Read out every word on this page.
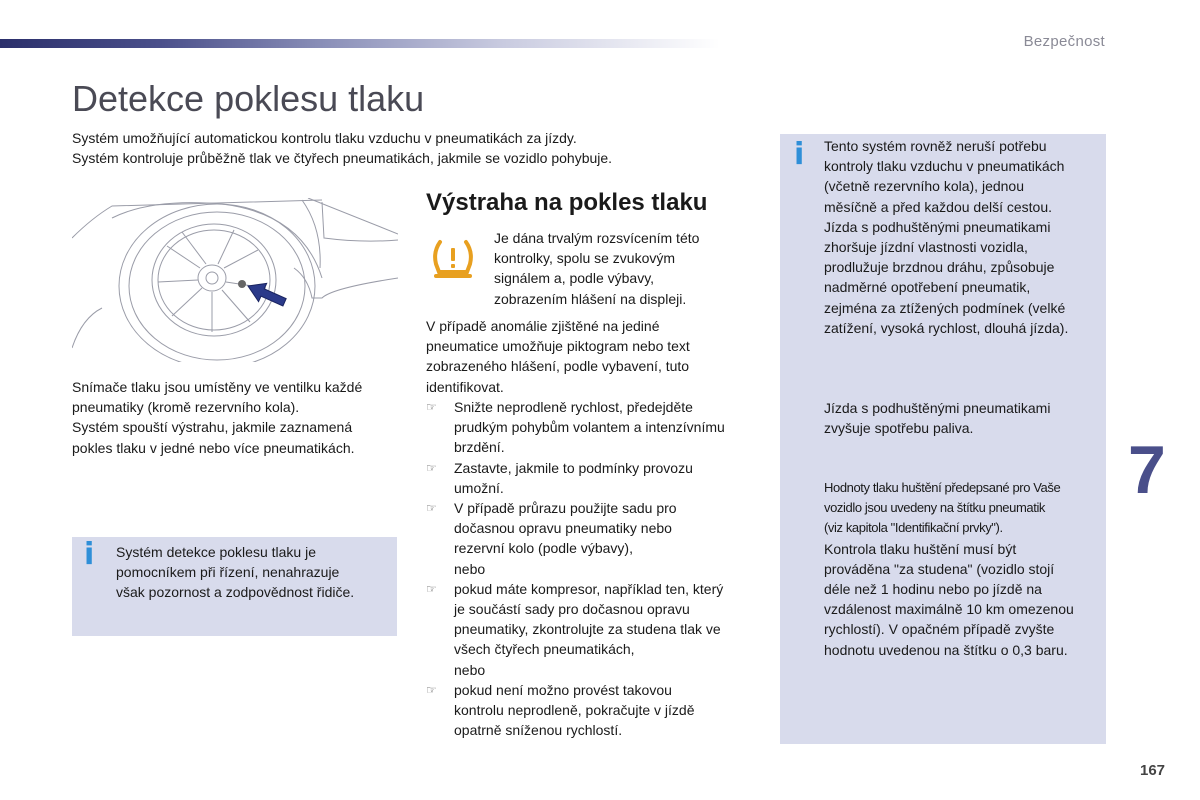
Bezpečnost
Detekce poklesu tlaku
Systém umožňující automatickou kontrolu tlaku vzduchu v pneumatikách za jízdy.
Systém kontroluje průběžně tlak ve čtyřech pneumatikách, jakmile se vozidlo pohybuje.
Snímače tlaku jsou umístěny ve ventilku každé
pneumatiky (kromě rezervního kola).
Systém spouští výstrahu, jakmile zaznamená
pokles tlaku v jedné nebo více pneumatikách.
i Systém detekce poklesu tlaku je
pomocníkem při řízení, nenahrazuje
však pozornost a zodpovědnost řidiče.
Výstraha na pokles tlaku
Je dána trvalým rozsvícením této
kontrolky, spolu se zvukovým
signálem a, podle výbavy,
zobrazením hlášení na displeji.
V případě anomálie zjištěné na jediné
pneumatice umožňuje piktogram nebo text
zobrazeného hlášení, podle vybavení, tuto
identifikovat.
☞ Snižte neprodleně rychlost, předejděte
prudkým pohybům volantem a intenzívnímu
brzdění.
☞ Zastavte, jakmile to podmínky provozu
umožní.
☞ V případě průrazu použijte sadu pro
dočasnou opravu pneumatiky nebo
rezervní kolo (podle výbavy),
nebo
☞ pokud máte kompresor, například ten, který
je součástí sady pro dočasnou opravu
pneumatiky, zkontrolujte za studena tlak ve
všech čtyřech pneumatikách,
nebo
☞ pokud není možno provést takovou
kontrolu neprodleně, pokračujte v jízdě
opatrně sníženou rychlostí.
i Tento systém rovněž neruší potřebu
kontroly tlaku vzduchu v pneumatikách
(včetně rezervního kola), jednou
měsíčně a před každou delší cestou.
Jízda s podhuštěnými pneumatikami
zhoršuje jízdní vlastnosti vozidla,
prodlužuje brzdnou dráhu, způsobuje
nadměrné opotřebení pneumatik,
zejména za ztížených podmínek (velké
zatížení, vysoká rychlost, dlouhá jízda).
Jízda s podhuštěnými pneumatikami
zvyšuje spotřebu paliva.
Hodnoty tlaku huštění předepsané pro Vaše
vozidlo jsou uvedeny na štítku pneumatik
(viz kapitola "Identifikační prvky").
Kontrola tlaku huštění musí být
prováděna "za studena" (vozidlo stojí
déle než 1 hodinu nebo po jízdě na
vzdálenost maximálně 10 km omezenou
rychlostí). V opačném případě zvyšte
hodnotu uvedenou na štítku o 0,3 baru.
7
167
